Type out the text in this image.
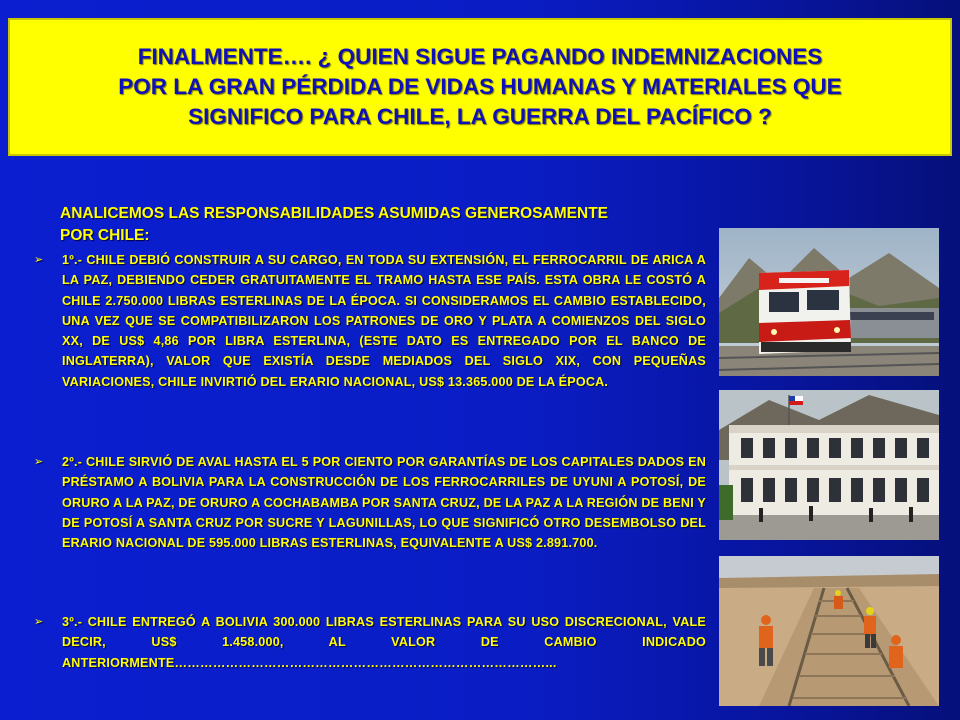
FINALMENTE…. ¿ QUIEN SIGUE PAGANDO INDEMNIZACIONES
POR LA GRAN PÉRDIDA DE VIDAS HUMANAS Y MATERIALES QUE
SIGNIFICO PARA CHILE, LA GUERRA DEL PACÍFICO ?
ANALICEMOS LAS RESPONSABILIDADES ASUMIDAS GENEROSAMENTE
POR CHILE:
➢	1º.- CHILE DEBIÓ CONSTRUIR A SU CARGO, EN TODA SU EXTENSIÓN, EL FERROCARRIL DE ARICA A LA PAZ, DEBIENDO CEDER GRATUITAMENTE EL TRAMO HASTA ESE PAÍS. ESTA OBRA LE COSTÓ A CHILE 2.750.000 LIBRAS ESTERLINAS DE LA ÉPOCA. SI CONSIDERAMOS EL CAMBIO ESTABLECIDO, UNA VEZ QUE SE COMPATIBILIZARON LOS PATRONES DE ORO Y PLATA A COMIENZOS DEL SIGLO XX, DE US$ 4,86 POR LIBRA ESTERLINA, (ESTE DATO ES ENTREGADO POR EL BANCO DE INGLATERRA), VALOR QUE EXISTÍA DESDE MEDIADOS DEL SIGLO XIX, CON PEQUEÑAS VARIACIONES, CHILE INVIRTIÓ DEL ERARIO NACIONAL, US$ 13.365.000 DE LA ÉPOCA.
➢	2º.- CHILE SIRVIÓ DE AVAL HASTA EL 5 POR CIENTO POR GARANTÍAS DE LOS CAPITALES DADOS EN PRÉSTAMO A BOLIVIA PARA LA CONSTRUCCIÓN DE LOS FERROCARRILES DE UYUNI A POTOSÍ, DE ORURO A LA PAZ, DE ORURO A COCHABAMBA POR SANTA CRUZ, DE LA PAZ A LA REGIÓN DE BENI Y DE POTOSÍ A SANTA CRUZ POR SUCRE Y LAGUNILLAS, LO QUE SIGNIFICÓ OTRO DESEMBOLSO DEL ERARIO NACIONAL DE 595.000 LIBRAS ESTERLINAS, EQUIVALENTE A US$ 2.891.700.
➢	3º.- CHILE ENTREGÓ A BOLIVIA 300.000 LIBRAS ESTERLINAS PARA SU USO DISCRECIONAL, VALE DECIR, US$ 1.458.000, AL VALOR DE CAMBIO INDICADO ANTERIORMENTE……………………………………………………………………………...
